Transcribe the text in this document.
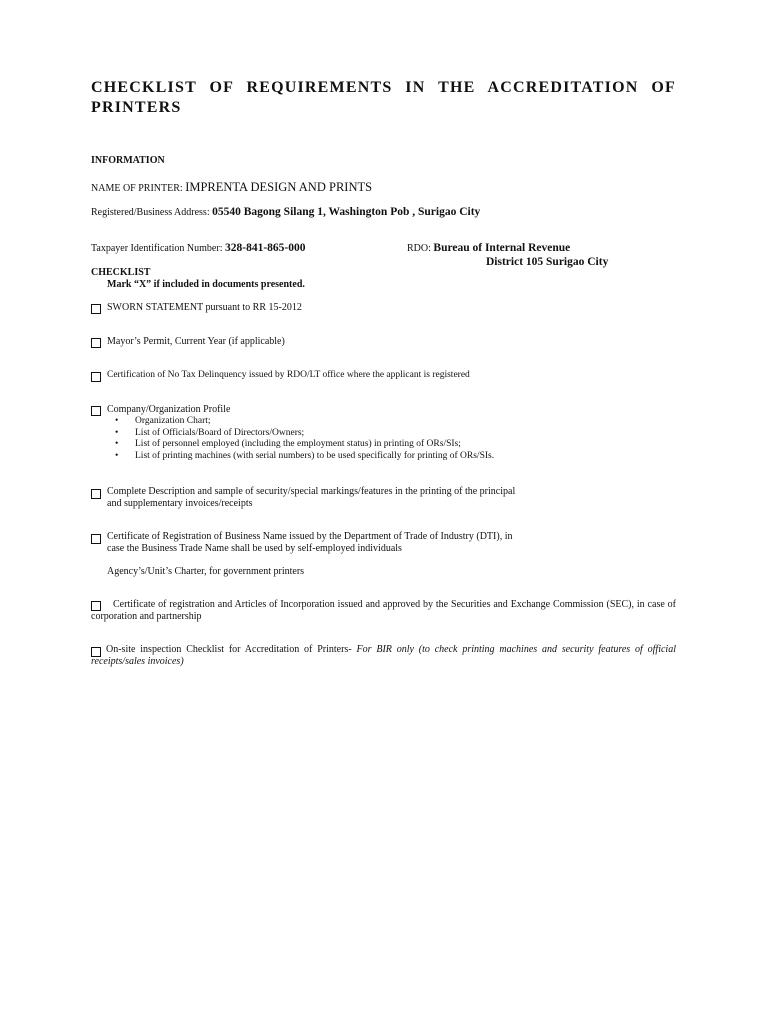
CHECKLIST OF REQUIREMENTS IN THE ACCREDITATION OF PRINTERS
INFORMATION
NAME OF PRINTER: IMPRENTA DESIGN AND PRINTS
Registered/Business Address: 05540 Bagong Silang 1, Washington Pob , Surigao City
Taxpayer Identification Number: 328-841-865-000	RDO: Bureau of Internal Revenue
District 105 Surigao City
CHECKLIST
Mark “X” if included in documents presented.
SWORN STATEMENT pursuant to RR 15-2012
Mayor’s Permit, Current Year (if applicable)
Certification of No Tax Delinquency issued by RDO/LT office where the applicant is registered
Company/Organization Profile
• Organization Chart;
• List of Officials/Board of Directors/Owners;
• List of personnel employed (including the employment status) in printing of ORs/SIs;
• List of printing machines (with serial numbers) to be used specifically for printing of ORs/SIs.
Complete Description and sample of security/special markings/features in the printing of the principal
and supplementary invoices/receipts
Certificate of Registration of Business Name issued by the Department of Trade of Industry (DTI), in
case the Business Trade Name shall be used by self-employed individuals
Agency’s/Unit’s Charter, for government printers
Certificate of registration and Articles of Incorporation issued and approved by the Securities and Exchange Commission (SEC), in case of corporation and partnership
On-site inspection Checklist for Accreditation of Printers- For BIR only (to check printing machines and security features of official receipts/sales invoices)
